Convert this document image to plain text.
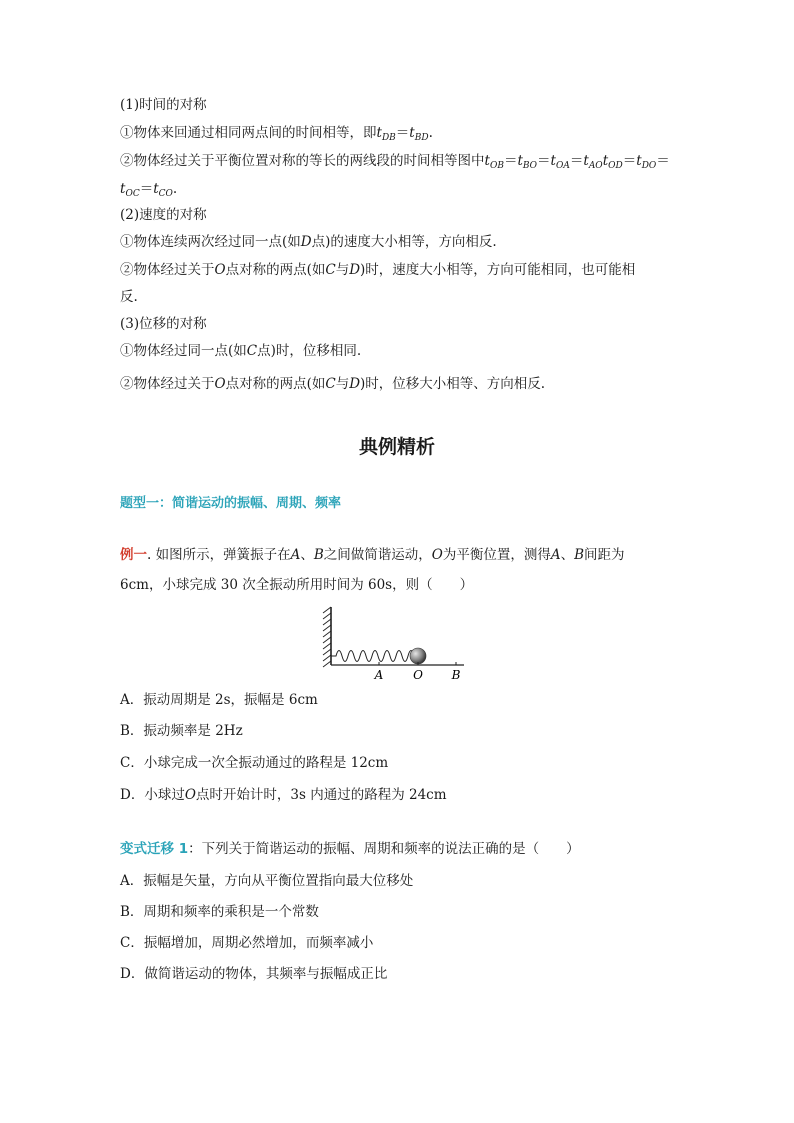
(1)时间的对称
①物体来回通过相同两点间的时间相等，即$t_{DB}=t_{BD}$.
②物体经过关于平衡位置对称的等长的两线段的时间相等图中$t_{OB}=t_{BO}=t_{OA}=t_{AO}t_{OD}=t_{DO}=$
$t_{OC}=t_{CO}$.
(2)速度的对称
①物体连续两次经过同一点(如D点)的速度大小相等，方向相反.
②物体经过关于O点对称的两点(如C与D)时，速度大小相等，方向可能相同，也可能相
反.
(3)位移的对称
①物体经过同一点(如C点)时，位移相同.
②物体经过关于O点对称的两点(如C与D)时，位移大小相等、方向相反.
典例精析
题型一：简谐运动的振幅、周期、频率
例一. 如图所示，弹簧振子在A、B之间做简谐运动，O为平衡位置，测得A、B间距为
6cm，小球完成 30 次全振动所用时间为 60s，则（　　）
A O B
A．振动周期是 2s，振幅是 6cm
B．振动频率是 2Hz
C．小球完成一次全振动通过的路程是 12cm
D．小球过O点时开始计时，3s 内通过的路程为 24cm
变式迁移 1：下列关于简谐运动的振幅、周期和频率的说法正确的是（　　）
A．振幅是矢量，方向从平衡位置指向最大位移处
B．周期和频率的乘积是一个常数
C．振幅增加，周期必然增加，而频率减小
D．做简谐运动的物体，其频率与振幅成正比
